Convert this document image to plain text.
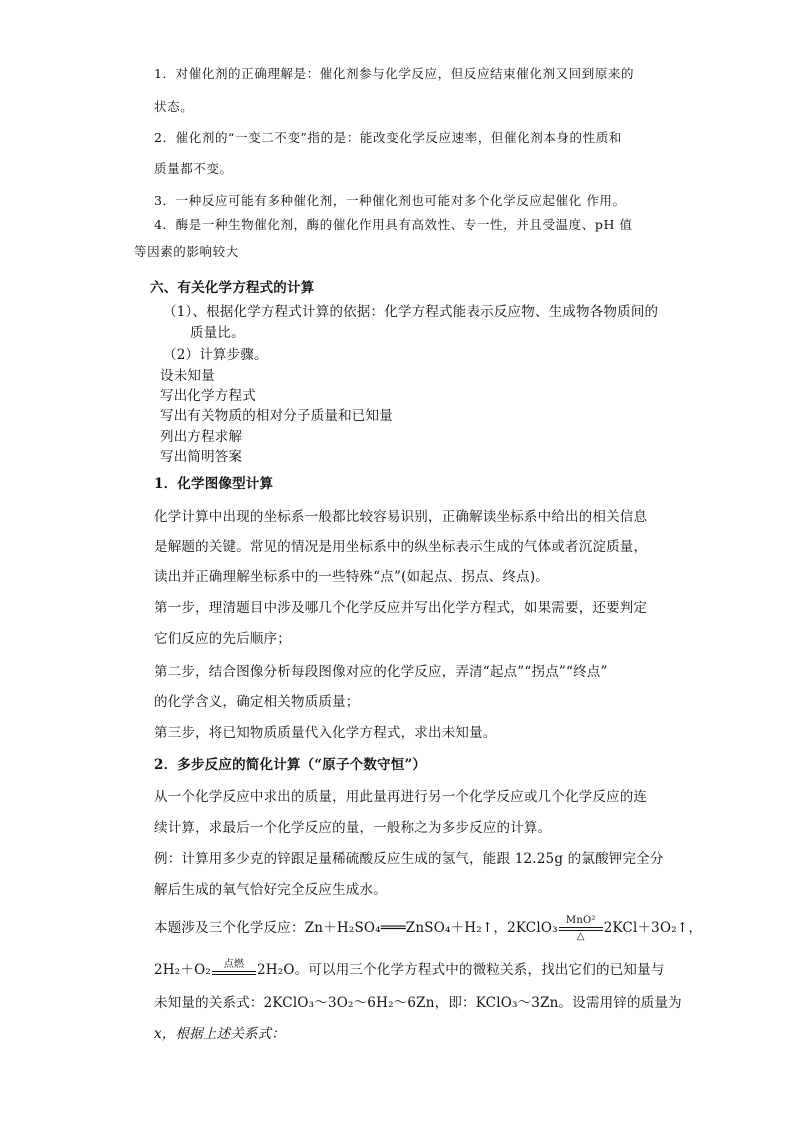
1．对催化剂的正确理解是：催化剂参与化学反应，但反应结束催化剂又回到原来的
状态。
2．催化剂的“一变二不变”指的是：能改变化学反应速率，但催化剂本身的性质和
质量都不变。
3．一种反应可能有多种催化剂，一种催化剂也可能对多个化学反应起催化 作用。
4．酶是一种生物催化剂，酶的催化作用具有高效性、专一性，并且受温度、pH 值
等因素的影响较大
六、有关化学方程式的计算
（1）、根据化学方程式计算的依据：化学方程式能表示反应物、生成物各物质间的
质量比。
（2）计算步骤。
设未知量
写出化学方程式
写出有关物质的相对分子质量和已知量
列出方程求解
写出简明答案
1．化学图像型计算
化学计算中出现的坐标系一般都比较容易识别，正确解读坐标系中给出的相关信息
是解题的关键。常见的情况是用坐标系中的纵坐标表示生成的气体或者沉淀质量，
读出并正确理解坐标系中的一些特殊“点”(如起点、拐点、终点)。
第一步，理清题目中涉及哪几个化学反应并写出化学方程式，如果需要，还要判定
它们反应的先后顺序；
第二步，结合图像分析每段图像对应的化学反应，弄清“起点”“拐点”“终点”
的化学含义，确定相关物质质量；
第三步，将已知物质质量代入化学方程式，求出未知量。
2．多步反应的简化计算（“原子个数守恒”）
从一个化学反应中求出的质量，用此量再进行另一个化学反应或几个化学反应的连
续计算，求最后一个化学反应的量，一般称之为多步反应的计算。
例：计算用多少克的锌跟足量稀硫酸反应生成的氢气，能跟 12.25g 的氯酸钾完全分
解后生成的氧气恰好完全反应生成水。
本题涉及三个化学反应：Zn＋H₂SO₄═══ZnSO₄＋H₂↑，2KClO₃ MnO²
△
2KCl＋3O₂↑，
2H₂＋O₂	点燃 2H₂O。可以用三个化学方程式中的微粒关系，找出它们的已知量与
未知量的关系式：2KClO₃～3O₂～6H₂～6Zn，即：KClO₃～3Zn。设需用锌的质量为
x，根据上述关系式：
